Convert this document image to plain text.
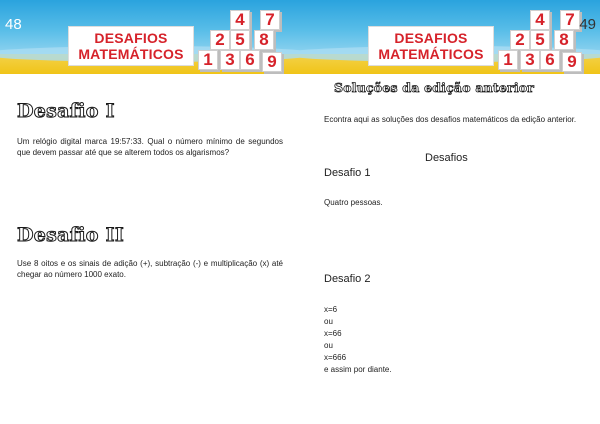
48
DESAFIOS
MATEMÁTICOS
4	7
2 5 8
1 3 6 9
Desafio I
Um relógio digital marca 19:57:33. Qual o número mínimo de segundos que devem passar até que se alterem todos os algarismos?
Desafio II
Use 8 oitos e os sinais de adição (+), subtração (-) e multiplicação (x) até chegar ao número 1000 exato.
DESAFIOS
MATEMÁTICOS
4	7
2 5 8
1 3 6 9
49
Soluções da edição anterior
Econtra aqui as soluções dos desafios matemáticos da edição anterior.
Desafios
Desafio 1
Quatro pessoas.
Desafio 2
x=6
ou
x=66
ou
x=666
e assim por diante.
